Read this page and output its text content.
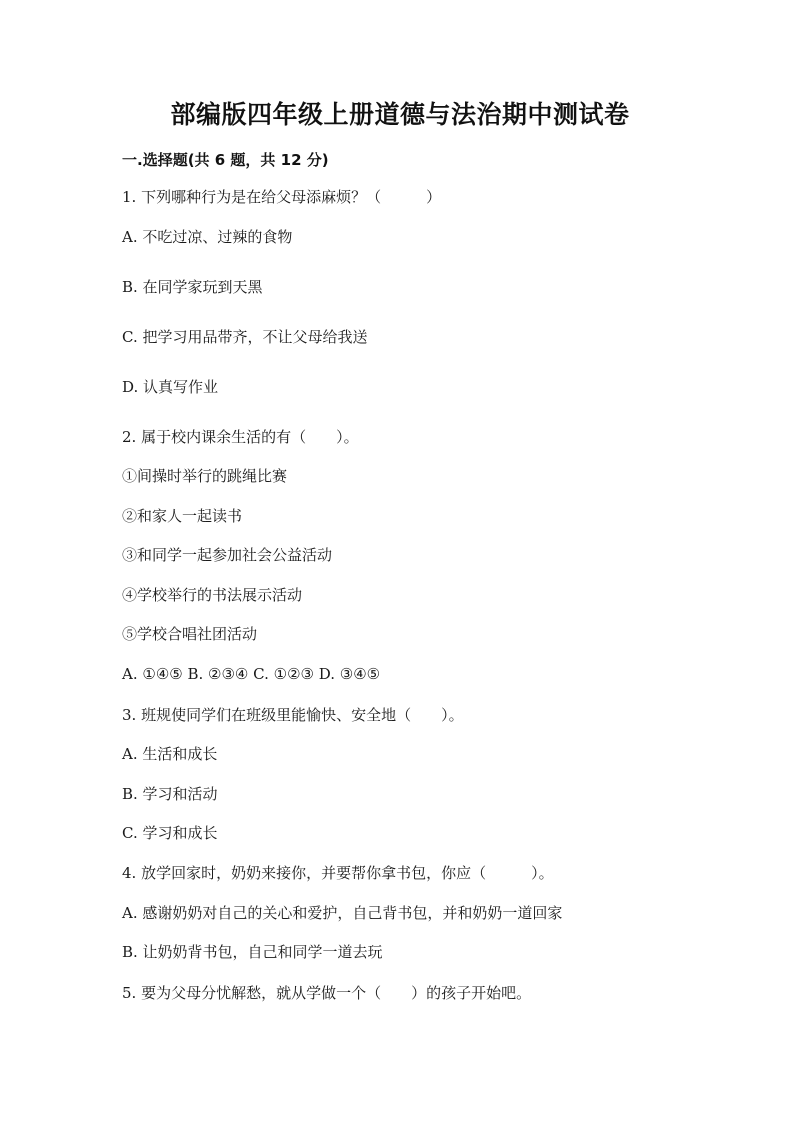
部编版四年级上册道德与法治期中测试卷
一.选择题(共 6 题，共 12 分)
1. 下列哪种行为是在给父母添麻烦？（　　　）
A. 不吃过凉、过辣的食物
B. 在同学家玩到天黑
C. 把学习用品带齐，不让父母给我送
D. 认真写作业
2. 属于校内课余生活的有（　　）。
①间操时举行的跳绳比赛
②和家人一起读书
③和同学一起参加社会公益活动
④学校举行的书法展示活动
⑤学校合唱社团活动
A. ①④⑤ B. ②③④ C. ①②③ D. ③④⑤
3. 班规使同学们在班级里能愉快、安全地（　　）。
A. 生活和成长
B. 学习和活动
C. 学习和成长
4. 放学回家时，奶奶来接你，并要帮你拿书包，你应（　　　）。
A. 感谢奶奶对自己的关心和爱护，自己背书包，并和奶奶一道回家
B. 让奶奶背书包，自己和同学一道去玩
5. 要为父母分忧解愁，就从学做一个（　　）的孩子开始吧。
